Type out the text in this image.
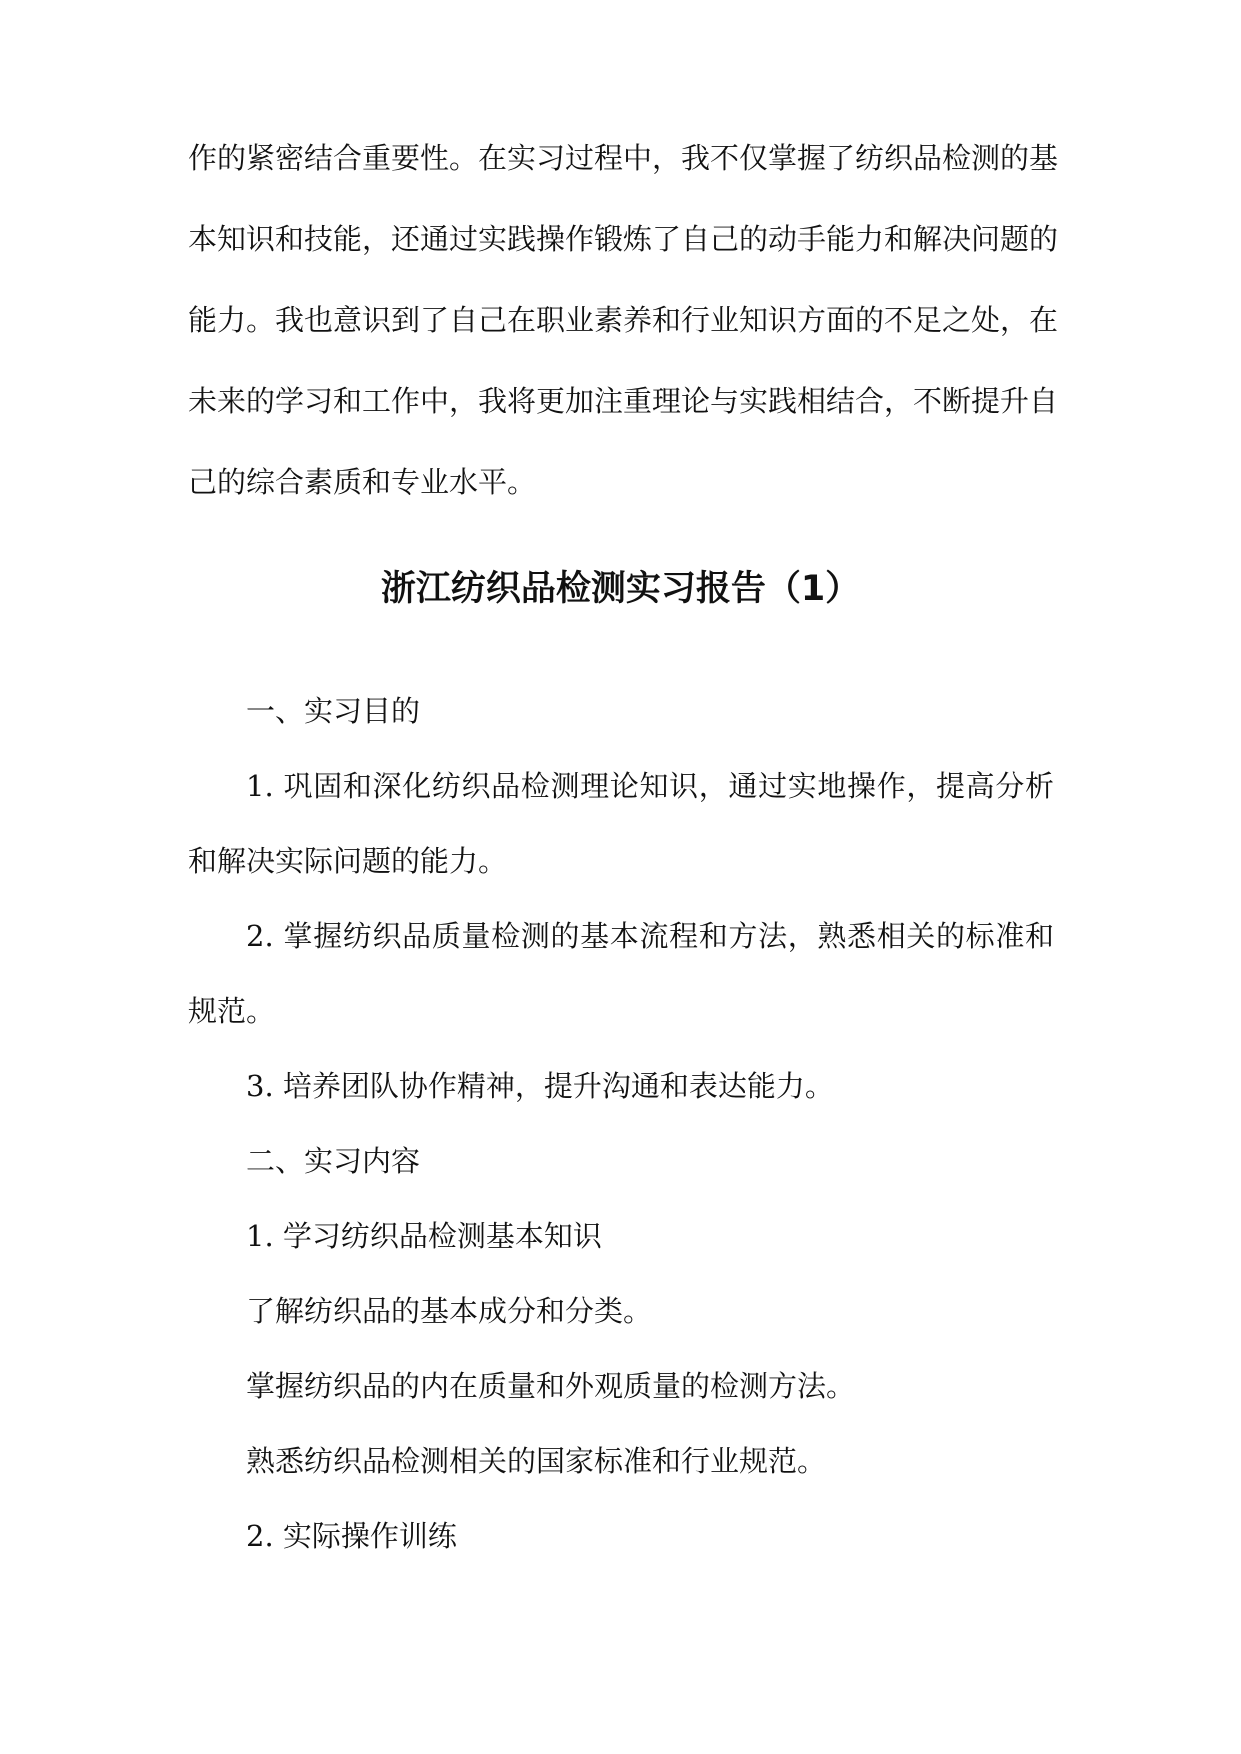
作的紧密结合重要性。在实习过程中，我不仅掌握了纺织品检测的基
本知识和技能，还通过实践操作锻炼了自己的动手能力和解决问题的
能力。我也意识到了自己在职业素养和行业知识方面的不足之处，在
未来的学习和工作中，我将更加注重理论与实践相结合，不断提升自
己的综合素质和专业水平。
浙江纺织品检测实习报告（1）
一、实习目的
1. 巩固和深化纺织品检测理论知识，通过实地操作，提高分析
和解决实际问题的能力。
2. 掌握纺织品质量检测的基本流程和方法，熟悉相关的标准和
规范。
3. 培养团队协作精神，提升沟通和表达能力。
二、实习内容
1. 学习纺织品检测基本知识
了解纺织品的基本成分和分类。
掌握纺织品的内在质量和外观质量的检测方法。
熟悉纺织品检测相关的国家标准和行业规范。
2. 实际操作训练
